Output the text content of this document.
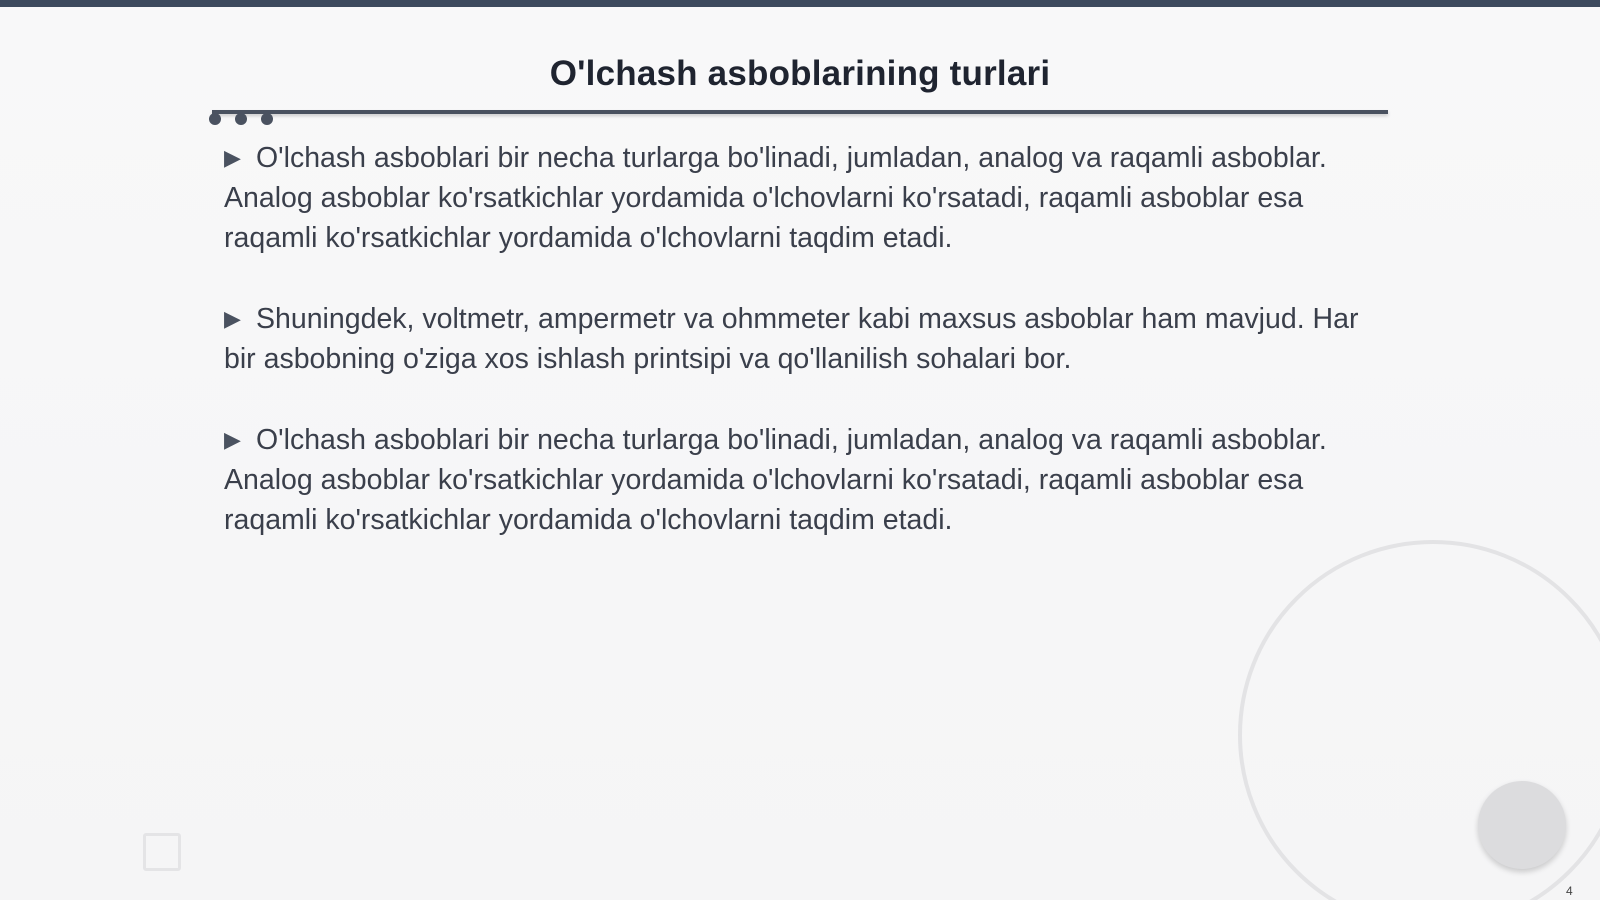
O'lchash asboblarining turlari

▶ O'lchash asboblari bir necha turlarga bo'linadi, jumladan, analog va raqamli asboblar. Analog asboblar ko'rsatkichlar yordamida o'lchovlarni ko'rsatadi, raqamli asboblar esa raqamli ko'rsatkichlar yordamida o'lchovlarni taqdim etadi.

▶ Shuningdek, voltmetr, ampermetr va ohmmeter kabi maxsus asboblar ham mavjud. Har bir asbobning o'ziga xos ishlash printsipi va qo'llanilish sohalari bor.

▶ O'lchash asboblari bir necha turlarga bo'linadi, jumladan, analog va raqamli asboblar. Analog asboblar ko'rsatkichlar yordamida o'lchovlarni ko'rsatadi, raqamli asboblar esa raqamli ko'rsatkichlar yordamida o'lchovlarni taqdim etadi.

4
